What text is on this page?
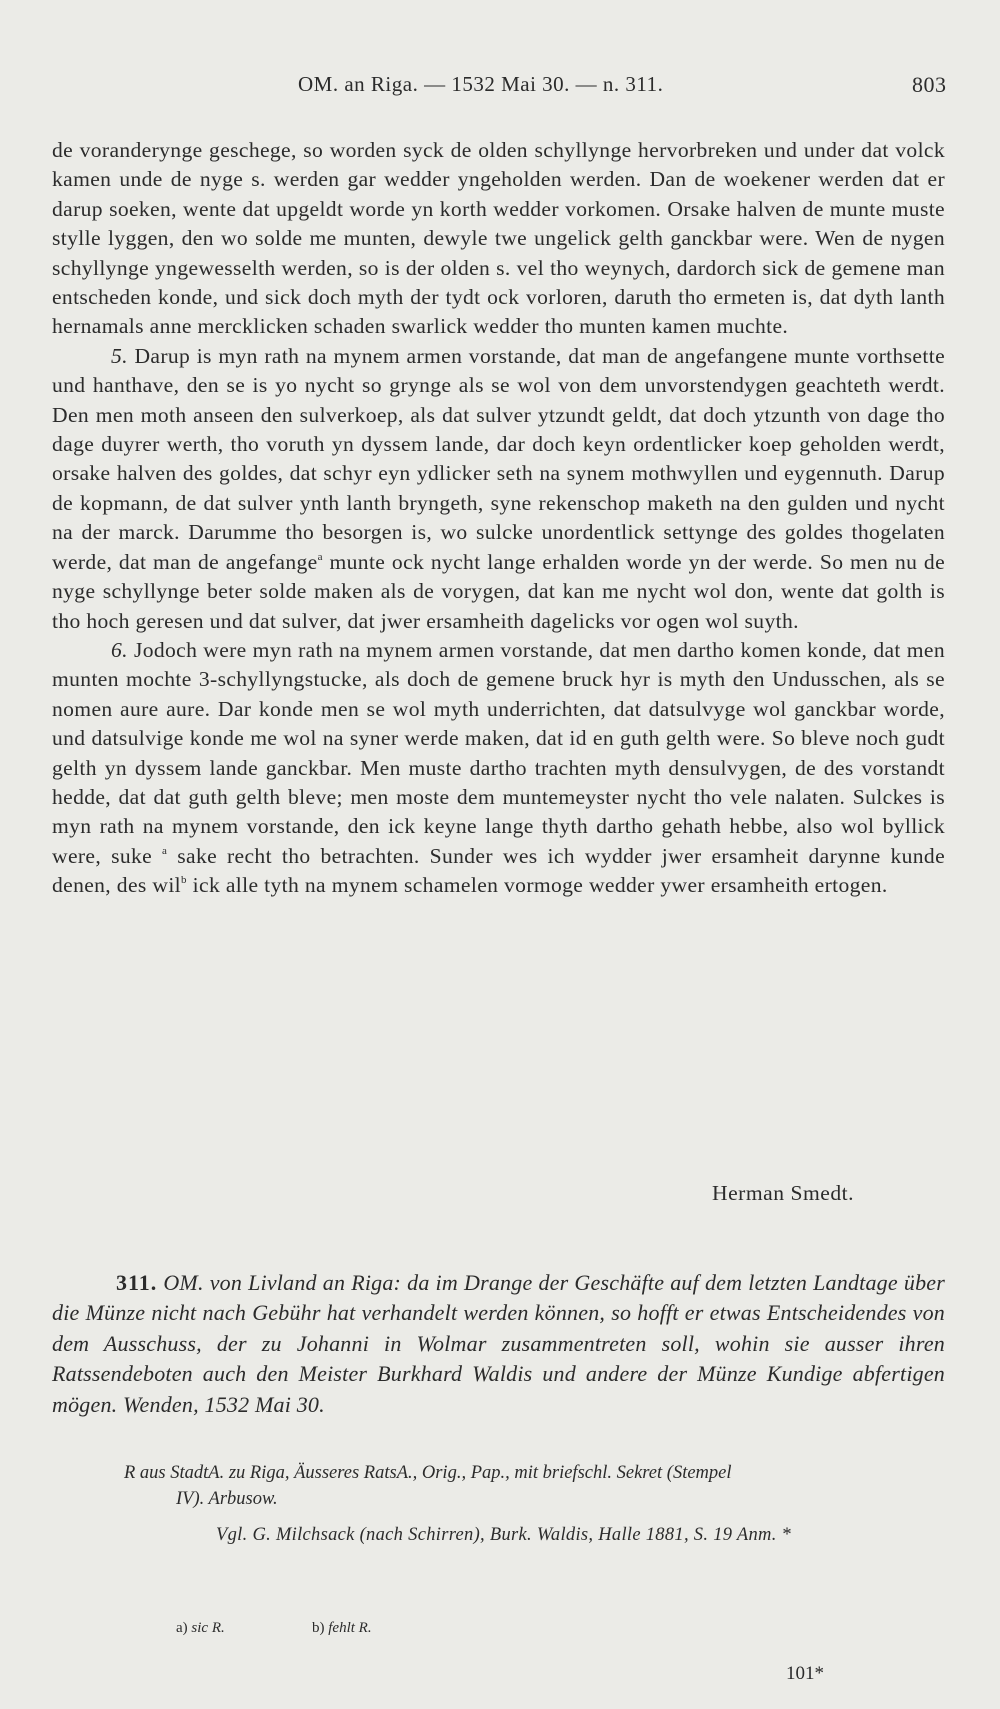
OM. an Riga. — 1532 Mai 30. — n. 311.	803

de voranderynge geschege, so worden syck de olden schyllynge hervorbreken und under dat volck kamen unde de nyge s. werden gar wedder yngeholden werden. Dan de woekener werden dat er darup soeken, wente dat upgeldt worde yn korth wedder vorkomen. Orsake halven de munte muste stylle lyggen, den wo solde me munten, dewyle twe ungelick gelth ganckbar were. Wen de nygen schyllynge yngewesselth werden, so is der olden s. vel tho weynych, dardorch sick de gemene man entscheden konde, und sick doch myth der tydt ock vorloren, daruth tho ermeten is, dat dyth lanth hernamals anne mercklicken schaden swarlick wedder tho munten kamen muchte.

5. Darup is myn rath na mynem armen vorstande, dat man de angefangene munte vorthsette und hanthave, den se is yo nycht so grynge als se wol von dem unvorstendygen geachteth werdt. Den men moth anseen den sulverkoep, als dat sulver ytzundt geldt, dat doch ytzunth von dage tho dage duyrer werth, tho voruth yn dyssem lande, dar doch keyn ordentlicker koep geholden werdt, orsake halven des goldes, dat schyr eyn ydlicker seth na synem mothwyllen und eygennuth. Darup de kopmann, de dat sulver ynth lanth bryngeth, syne rekenschop maketh na den gulden und nycht na der marck. Darumme tho besorgen is, wo sulcke unordentlick settynge des goldes thogelaten werde, dat man de angefange$^a$ munte ock nycht lange erhalden worde yn der werde. So men nu de nyge schyllynge beter solde maken als de vorygen, dat kan me nycht wol don, wente dat golth is tho hoch geresen und dat sulver, dat jwer ersamheith dagelicks vor ogen wol suyth.

6. Jodoch were myn rath na mynem armen vorstande, dat men dartho komen konde, dat men munten mochte 3-schyllyngstucke, als doch de gemene bruck hyr is myth den Undusschen, als se nomen aure aure. Dar konde men se wol myth underrichten, dat datsulvyge wol ganckbar worde, und datsulvige konde me wol na syner werde maken, dat id en guth gelth were. So bleve noch gudt gelth yn dyssem lande ganckbar. Men muste dartho trachten myth densulvygen, de des vorstandt hedde, dat dat guth gelth bleve; men moste dem muntemeyster nycht tho vele nalaten. Sulckes is myn rath na mynem vorstande, den ick keyne lange thyth dartho gehath hebbe, also wol byllick were, suke $^a$ sake recht tho betrachten. Sunder wes ich wydder jwer ersamheit darynne kunde denen, des wil$^b$ ick alle tyth na mynem schamelen vormoge wedder ywer ersamheith ertogen.

Herman Smedt.

311. OM. von Livland an Riga: da im Drange der Geschäfte auf dem letzten Landtage über die Münze nicht nach Gebühr hat verhandelt werden können, so hofft er etwas Entscheidendes von dem Ausschuss, der zu Johanni in Wolmar zusammentreten soll, wohin sie ausser ihren Ratssendeboten auch den Meister Burkhard Waldis und andere der Münze Kundige abfertigen mögen. Wenden, 1532 Mai 30.

R aus StadtA. zu Riga, Äusseres RatsA., Orig., Pap., mit briefschl. Sekret (Stempel

IV). Arbusow.

Vgl. G. Milchsack (nach Schirren), Burk. Waldis, Halle 1881, S. 19 Anm. *
a) sic R.	b) fehlt R.
101*
